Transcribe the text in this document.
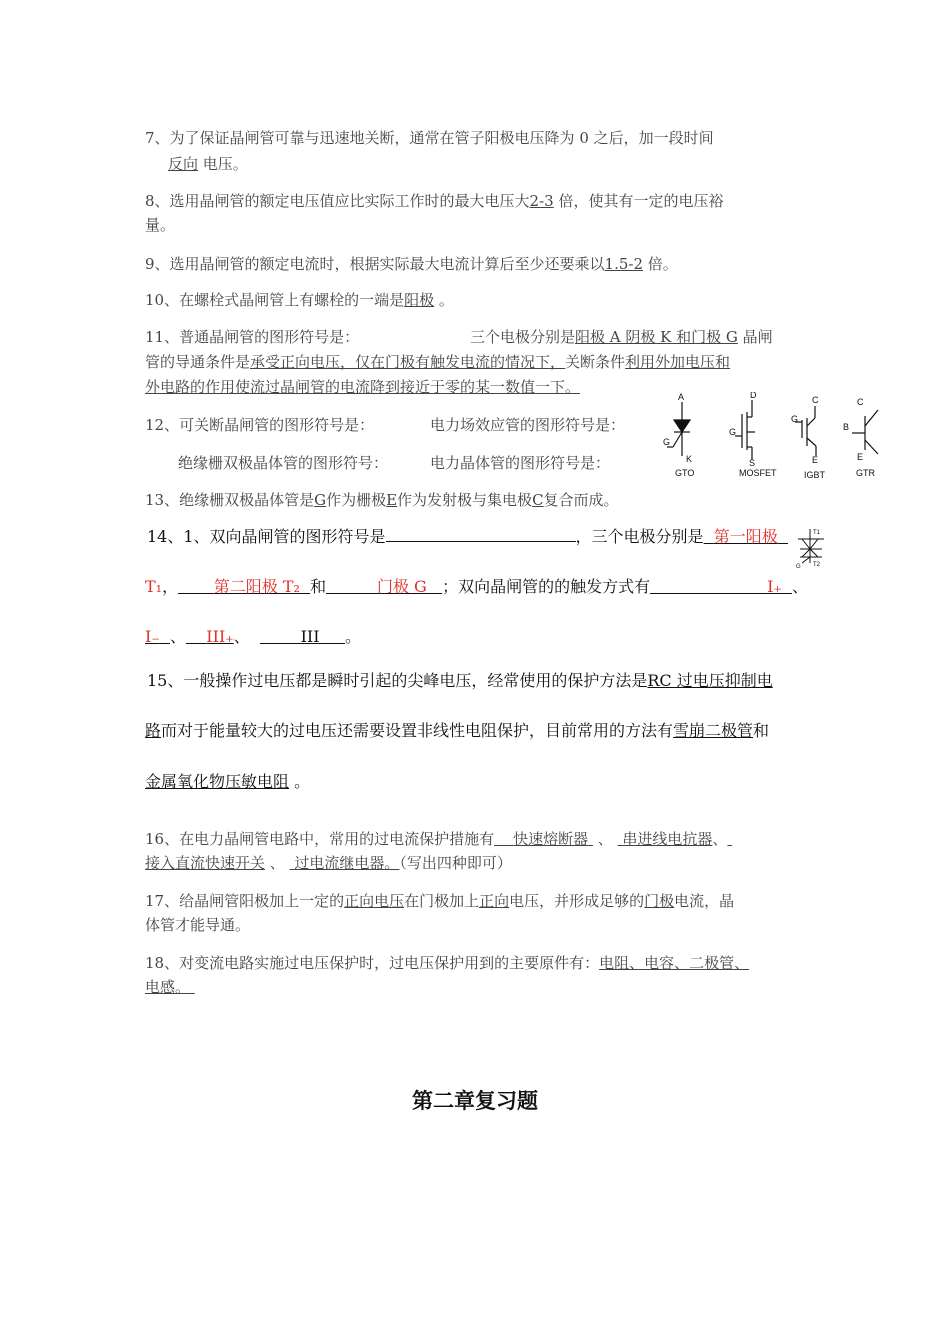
7、为了保证晶闸管可靠与迅速地关断，通常在管子阳极电压降为 0 之后，加一段时间
反向 电压。
8、选用晶闸管的额定电压值应比实际工作时的最大电压大2-3 倍，使其有一定的电压裕
量。
9、选用晶闸管的额定电流时，根据实际最大电流计算后至少还要乘以1.5-2 倍。
10、在螺栓式晶闸管上有螺栓的一端是阳极 。
11、普通晶闸管的图形符号是：	三个电极分别是阳极 A 阴极 K 和门极 G 晶闸
管的导通条件是承受正向电压，仅在门极有触发电流的情况下，关断条件利用外加电压和
外电路的作用使流过晶闸管的电流降到接近于零的某一数值一下。
12、可关断晶闸管的图形符号是：	电力场效应管的图形符号是：
绝缘栅双极晶体管的图形符号：	电力晶体管的图形符号是：
A
G
K
GTO
D
G
S
MOSFET
C
G
E
IGBT
C
B
E
GTR
13、绝缘栅双极晶体管是G作为栅极E作为发射极与集电极C复合而成。
14、1、双向晶闸管的图形符号是	，三个电极分别是 第一阳极	T1
T2
G
T₁， 第二阳极 T₂ 和	门极 G ；双向晶闸管的的触发方式有	I₊ 、
I₋ 、 III₊、	III 。
15、一般操作过电压都是瞬时引起的尖峰电压，经常使用的保护方法是RC 过电压抑制电
路而对于能量较大的过电压还需要设置非线性电阻保护，目前常用的方法有雪崩二极管和
金属氧化物压敏电阻 。
16、在电力晶闸管电路中，常用的过电流保护措施有 快速熔断器 、 串进线电抗器、
接入直流快速开关 、 过电流继电器。（写出四种即可）
17、给晶闸管阳极加上一定的正向电压在门极加上正向电压，并形成足够的门极电流，晶
体管才能导通。
18、对变流电路实施过电压保护时，过电压保护用到的主要原件有：电阻、电容、二极管、
电感。
第二章复习题
